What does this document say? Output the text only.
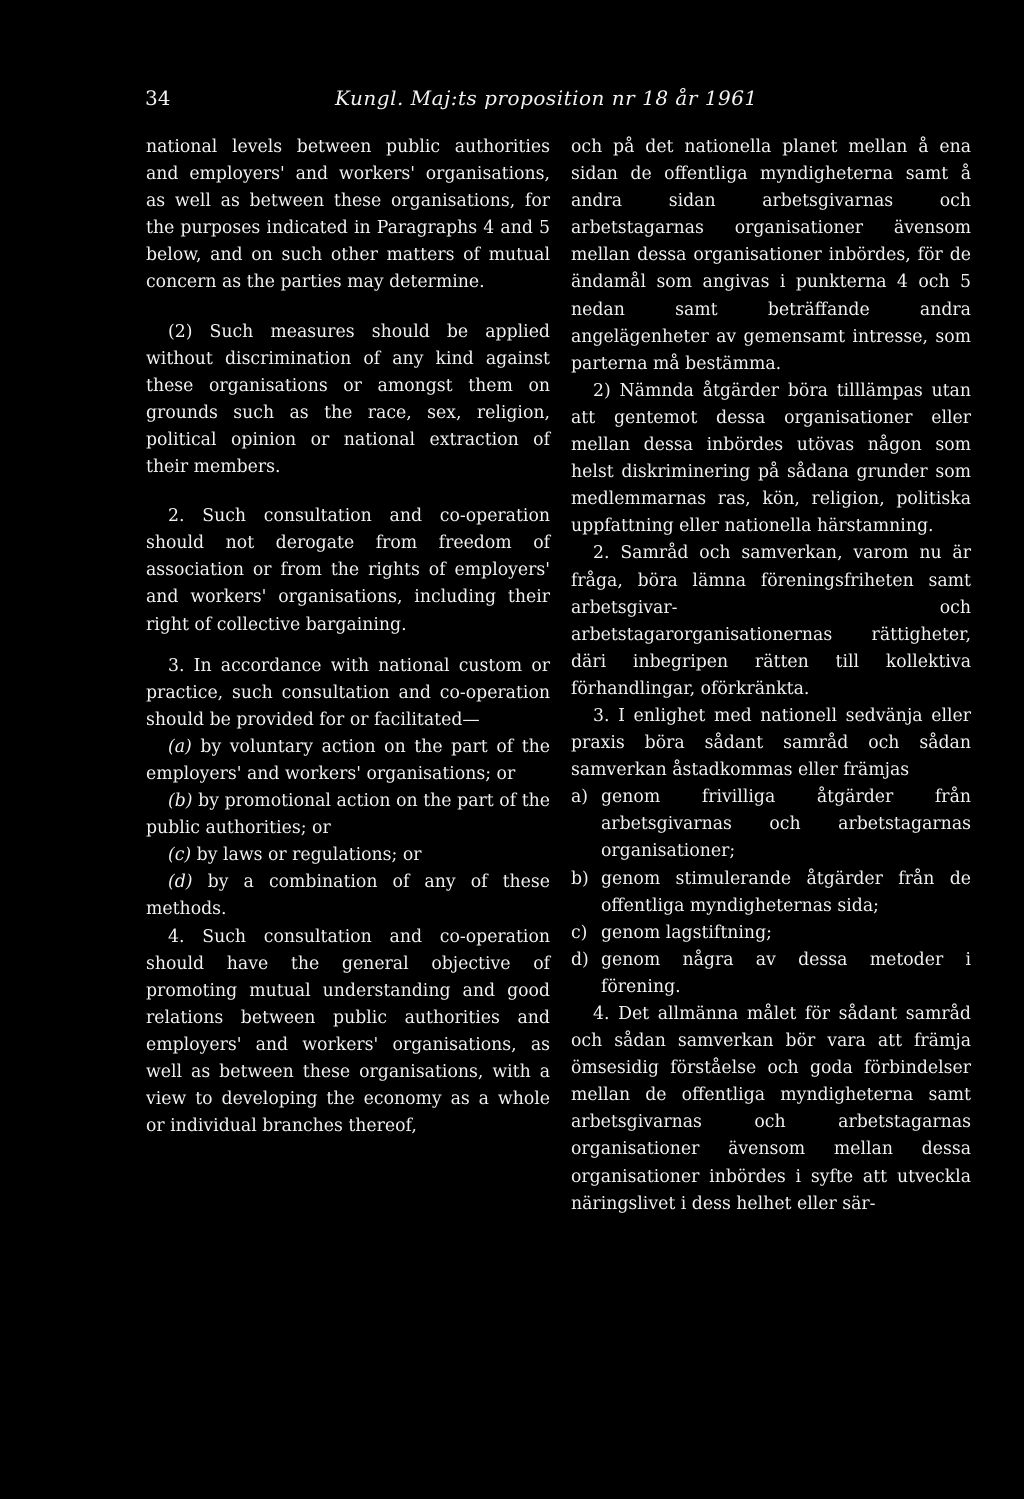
34	Kungl. Maj:ts proposition nr 18 år 1961

national levels between public authorities and employers' and workers' organisations, as well as between these organisations, for the purposes indicated in Paragraphs 4 and 5 below, and on such other matters of mutual concern as the parties may determine.

(2) Such measures should be applied without discrimination of any kind against these organisations or amongst them on grounds such as the race, sex, religion, political opinion or national extraction of their members.

2. Such consultation and co-operation should not derogate from freedom of association or from the rights of employers' and workers' organisations, including their right of collective bargaining.

3. In accordance with national custom or practice, such consultation and co-operation should be provided for or facilitated—

(a) by voluntary action on the part of the employers' and workers' organisations; or

(b) by promotional action on the part of the public authorities; or

(c) by laws or regulations; or

(d) by a combination of any of these methods.

4. Such consultation and co-operation should have the general objective of promoting mutual understanding and good relations between public authorities and employers' and workers' organisations, as well as between these organisations, with a view to developing the economy as a whole or individual branches thereof,

och på det nationella planet mellan å ena sidan de offentliga myndigheterna samt å andra sidan arbetsgivarnas och arbetstagarnas organisationer ävensom mellan dessa organisationer inbördes, för de ändamål som angivas i punkterna 4 och 5 nedan samt beträffande andra angelägenheter av gemensamt intresse, som parterna må bestämma.

2) Nämnda åtgärder böra tilllämpas utan att gentemot dessa organisationer eller mellan dessa inbördes utövas någon som helst diskriminering på sådana grunder som medlemmarnas ras, kön, religion, politiska uppfattning eller nationella härstamning.

2. Samråd och samverkan, varom nu är fråga, böra lämna föreningsfriheten samt arbetsgivar- och arbetstagarorganisationernas rättigheter, däri inbegripen rätten till kollektiva förhandlingar, oförkränkta.

3. I enlighet med nationell sedvänja eller praxis böra sådant samråd och sådan samverkan åstadkommas eller främjas

a) genom frivilliga åtgärder från arbetsgivarnas och arbetstagarnas organisationer;
b) genom stimulerande åtgärder från de offentliga myndigheternas sida;
c) genom lagstiftning;
d) genom några av dessa metoder i förening.

4. Det allmänna målet för sådant samråd och sådan samverkan bör vara att främja ömsesidig förståelse och goda förbindelser mellan de offentliga myndigheterna samt arbetsgivarnas och arbetstagarnas organisationer ävensom mellan dessa organisationer inbördes i syfte att utveckla näringslivet i dess helhet eller sär-
